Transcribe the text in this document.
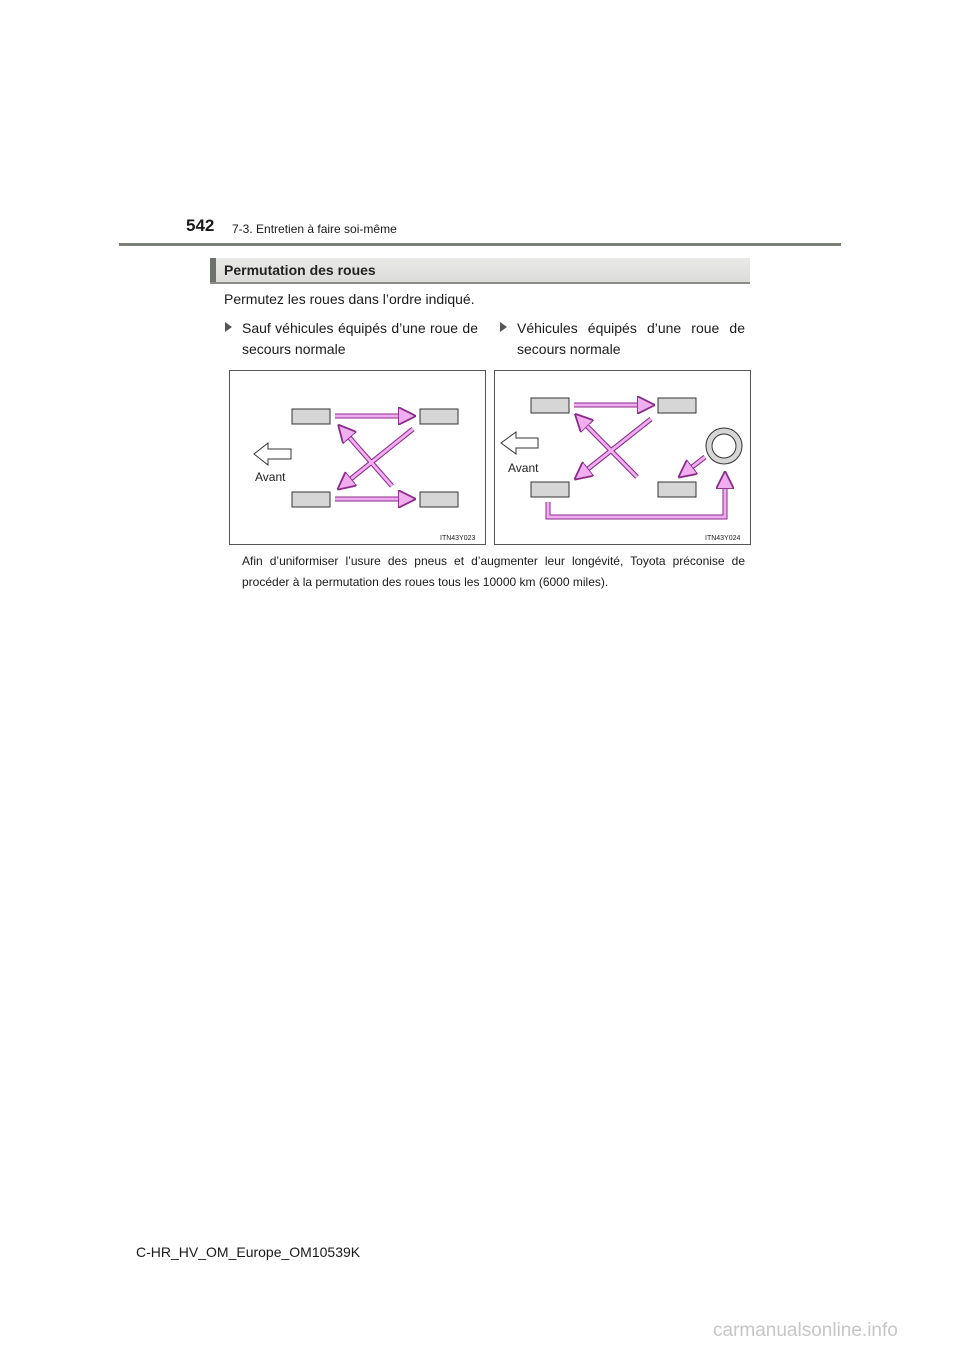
542 7-3. Entretien à faire soi-même
Permutation des roues
Permutez les roues dans l’ordre indiqué.
Sauf véhicules équipés d’une roue de secours normale
Véhicules équipés d’une roue de secours normale
Avant
ITN43Y023
Avant
ITN43Y024
Afin d’uniformiser l’usure des pneus et d’augmenter leur longévité, Toyota préconise de procéder à la permutation des roues tous les 10000 km (6000 miles).
C-HR_HV_OM_Europe_OM10539K
carmanualsonline.info
